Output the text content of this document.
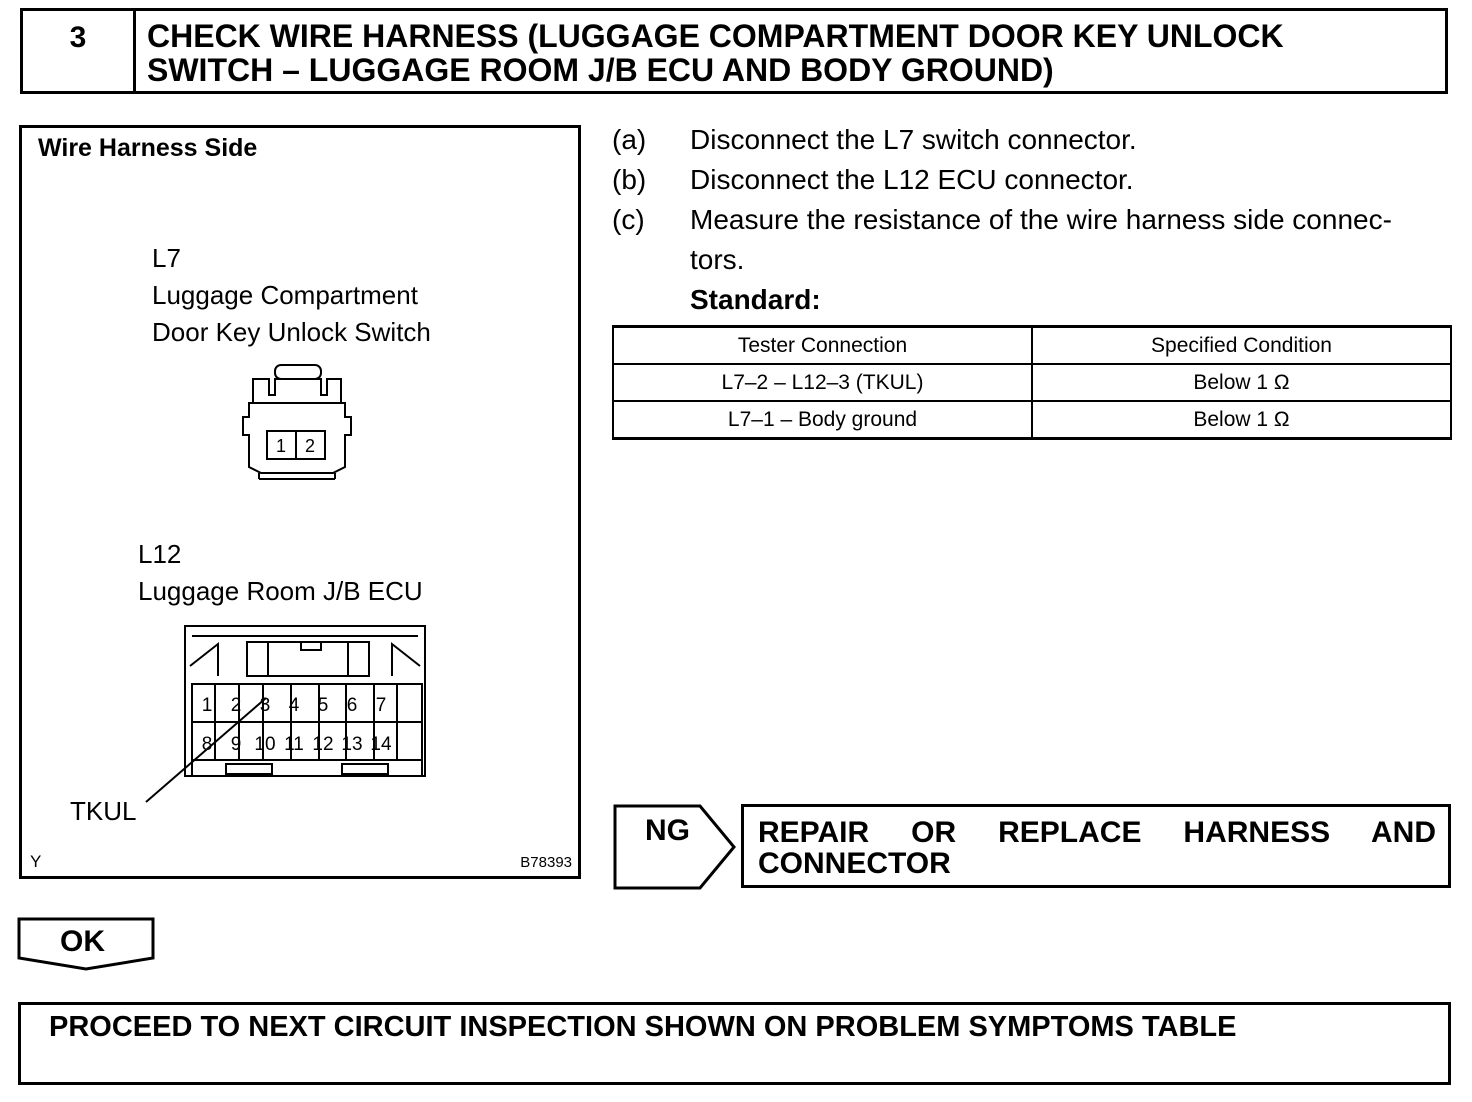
3	CHECK WIRE HARNESS (LUGGAGE COMPARTMENT DOOR KEY UNLOCK
SWITCH – LUGGAGE ROOM J/B ECU AND BODY GROUND)
Wire Harness Side
L7
Luggage Compartment
Door Key Unlock Switch
1 2
L12
Luggage Room J/B ECU
1 2 3 4 5 6 7
8 9 10 11 12 13 14
TKUL
Y	B78393
(a) Disconnect the L7 switch connector.
(b) Disconnect the L12 ECU connector.
(c) Measure the resistance of the wire harness side connec-
tors.
Standard:
Tester Connection	Specified Condition
L7–2 – L12–3 (TKUL)	Below 1 Ω
L7–1 – Body ground	Below 1 Ω
NG	REPAIR OR REPLACE HARNESS AND CONNECTOR
OK
PROCEED TO NEXT CIRCUIT INSPECTION SHOWN ON PROBLEM SYMPTOMS TABLE
